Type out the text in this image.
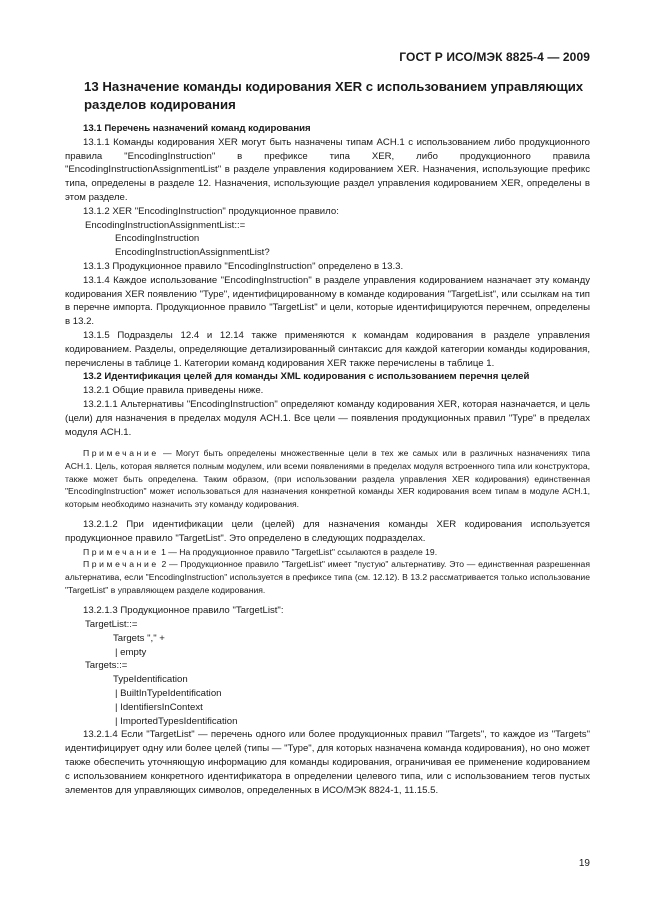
ГОСТ Р ИСО/МЭК 8825-4 — 2009
13 Назначение команды кодирования XER с использованием управляющих
разделов кодирования

13.1 Перечень назначений команд кодирования

13.1.1 Команды кодирования XER могут быть назначены типам ACH.1 с использованием либо продукционного правила "EncodingInstruction" в префиксе типа XER, либо продукционного правила "EncodingInstructionAssignmentList" в разделе управления кодированием XER. Назначения, использующие префикс типа, определены в разделе 12. Назначения, использующие раздел управления кодированием XER, определены в этом разделе.

13.1.2 XER "EncodingInstruction" продукционное правило:

EncodingInstructionAssignmentList::=

EncodingInstruction

EncodingInstructionAssignmentList?

13.1.3 Продукционное правило "EncodingInstruction" определено в 13.3.

13.1.4 Каждое использование "EncodingInstruction" в разделе управления кодированием назначает эту команду кодирования XER появлению "Type", идентифицированному в команде кодирования "TargetList", или ссылкам на тип в перечне импорта. Продукционное правило "TargetList" и цели, которые идентифицируются перечнем, определены в 13.2.

13.1.5 Подразделы 12.4 и 12.14 также применяются к командам кодирования в разделе управления кодированием. Разделы, определяющие детализированный синтаксис для каждой категории команды кодирования, перечислены в таблице 1. Категории команд кодирования XER также перечислены в таблице 1.

13.2 Идентификация целей для команды XML кодирования с использованием перечня целей

13.2.1 Общие правила приведены ниже.

13.2.1.1 Альтернативы "EncodingInstruction" определяют команду кодирования XER, которая назначается, и цель (цели) для назначения в пределах модуля ACH.1. Все цели — появления продукционных правил "Type" в пределах модуля ACH.1.

Примечание — Могут быть определены множественные цели в тех же самых или в различных назначениях типа ACH.1. Цель, которая является полным модулем, или всеми появлениями в пределах модуля встроенного типа или конструктора, также может быть определена. Таким образом, (при использовании раздела управления XER кодирования) единственная "EncodingInstruction" может использоваться для назначения конкретной команды XER кодирования всем типам в модуле ACH.1, которым необходимо назначить эту команду кодирования.

13.2.1.2 При идентификации цели (целей) для назначения команды XER кодирования используется продукционное правило "TargetList". Это определено в следующих подразделах.

Примечание 1 — На продукционное правило "TargetList" ссылаются в разделе 19.

Примечание 2 — Продукционное правило "TargetList" имеет "пустую" альтернативу. Это — единственная разрешенная альтернатива, если "EncodingInstruction" используется в префиксе типа (см. 12.12). В 13.2 рассматривается только использование "TargetList" в управляющем разделе кодирования.

13.2.1.3 Продукционное правило "TargetList":

TargetList::=

Targets "," +

| empty

Targets::=

TypeIdentification

| BuiltInTypeIdentification

| IdentifiersInContext

| ImportedTypesIdentification

13.2.1.4 Если "TargetList" — перечень одного или более продукционных правил "Targets", то каждое из "Targets" идентифицирует одну или более целей (типы — "Type", для которых назначена команда кодирования), но оно может также обеспечить уточняющую информацию для команды кодирования, ограничивая ее применение кодированием с использованием конкретного идентификатора в определении целевого типа, или с использованием тегов пустых элементов для управляющих символов, определенных в ИСО/МЭК 8824-1, 11.15.5.

19
